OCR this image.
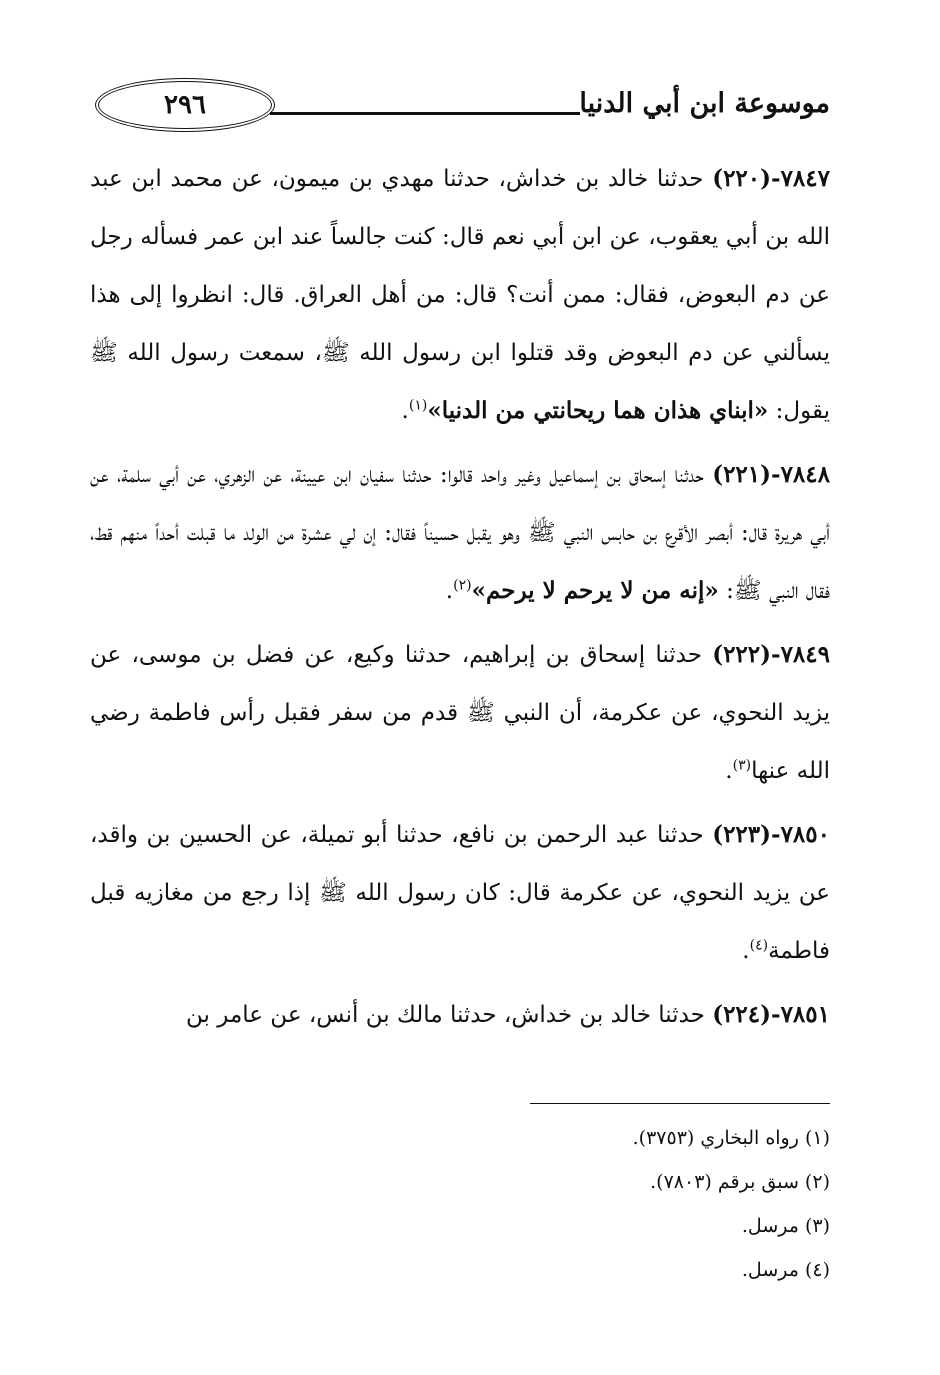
٢٩٦	موسوعة ابن أبي الدنيا

٧٨٤٧-(٢٢٠) حدثنا خالد بن خداش، حدثنا مهدي بن ميمون، عن محمد ابن عبد الله بن أبي يعقوب، عن ابن أبي نعم قال: كنت جالساً عند ابن عمر فسأله رجل عن دم البعوض، فقال: ممن أنت؟ قال: من أهل العراق. قال: انظروا إلى هذا يسألني عن دم البعوض وقد قتلوا ابن رسول الله ﷺ، سمعت رسول الله ﷺ يقول: «ابناي هذان هما ريحانتي من الدنيا»$^{(١)}$.

٧٨٤٨-(٢٢١) حدثنا إسحاق بن إسماعيل وغير واحد قالوا: حدثنا سفيان ابن عيينة، عن الزهري، عن أبي سلمة، عن أبي هريرة قال: أبصر الأقرع بن حابس النبي ﷺ وهو يقبل حسيناً فقال: إن لي عشرة من الولد ما قبلت أحداً منهم قط، فقال النبي ﷺ: «إنه من لا يرحم لا يرحم»$^{(٢)}$.

٧٨٤٩-(٢٢٢) حدثنا إسحاق بن إبراهيم، حدثنا وكيع، عن فضل بن موسى، عن يزيد النحوي، عن عكرمة، أن النبي ﷺ قدم من سفر فقبل رأس فاطمة رضي الله عنها$^{(٣)}$.

٧٨٥٠-(٢٢٣) حدثنا عبد الرحمن بن نافع، حدثنا أبو تميلة، عن الحسين بن واقد، عن يزيد النحوي، عن عكرمة قال: كان رسول الله ﷺ إذا رجع من مغازيه قبل فاطمة$^{(٤)}$.

٧٨٥١-(٢٢٤) حدثنا خالد بن خداش، حدثنا مالك بن أنس، عن عامر بن

(١) رواه البخاري (٣٧٥٣).
(٢) سبق برقم (٧٨٠٣).
(٣) مرسل.
(٤) مرسل.
